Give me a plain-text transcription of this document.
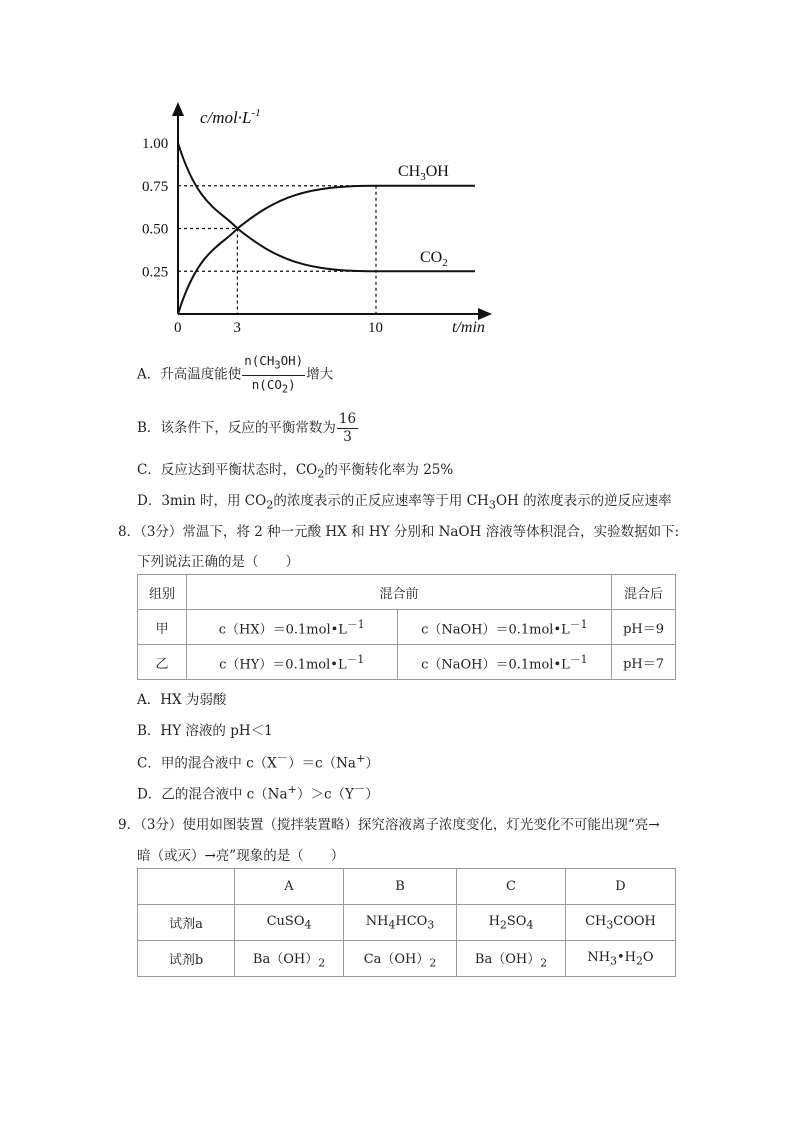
$c/mol\cdot L^{-1}$
t/min
1.00
0.75
0.50
0.25
0	3	10
$CH_3OH$
$CO_2$
A．升高温度能使 $\frac{n(CH_3OH)}{n(CO_2)}$ 增大
B．该条件下，反应的平衡常数为 $\frac{16}{3}$
C．反应达到平衡状态时，$CO_2$的平衡转化率为 25%
D．3min 时，用 $CO_2$的浓度表示的正反应速率等于用 $CH_3OH$ 的浓度表示的逆反应速率
8．（3分）常温下，将 2 种一元酸 HX 和 HY 分别和 NaOH 溶液等体积混合，实验数据如下:
下列说法正确的是（　　）
组别	混合前		混合后
甲	$c(HX)=0.1mol•L^{-1}$	$c(NaOH)=0.1mol•L^{-1}$	pH＝9
乙	$c(HY)=0.1mol•L^{-1}$	$c(NaOH)=0.1mol•L^{-1}$	pH＝7
A．HX 为弱酸
B．HY 溶液的 pH＜1
C．甲的混合液中 c（X－）＝c（Na+）
D．乙的混合液中 c（Na+）＞c（Y－）
9．（3分）使用如图装置（搅拌装置略）探究溶液离子浓度变化，灯光变化不可能出现“亮→
暗（或灭）→亮”现象的是（　　）
	A	B	C	D
试剂a	CuSO$_4$	$NH_4HCO_3$	$H_2SO_4$	$CH_3COOH$
试剂b	$Ba(OH)_2$	$Ca(OH)_2$	$Ba(OH)_2$	$NH_3•H_2O$
